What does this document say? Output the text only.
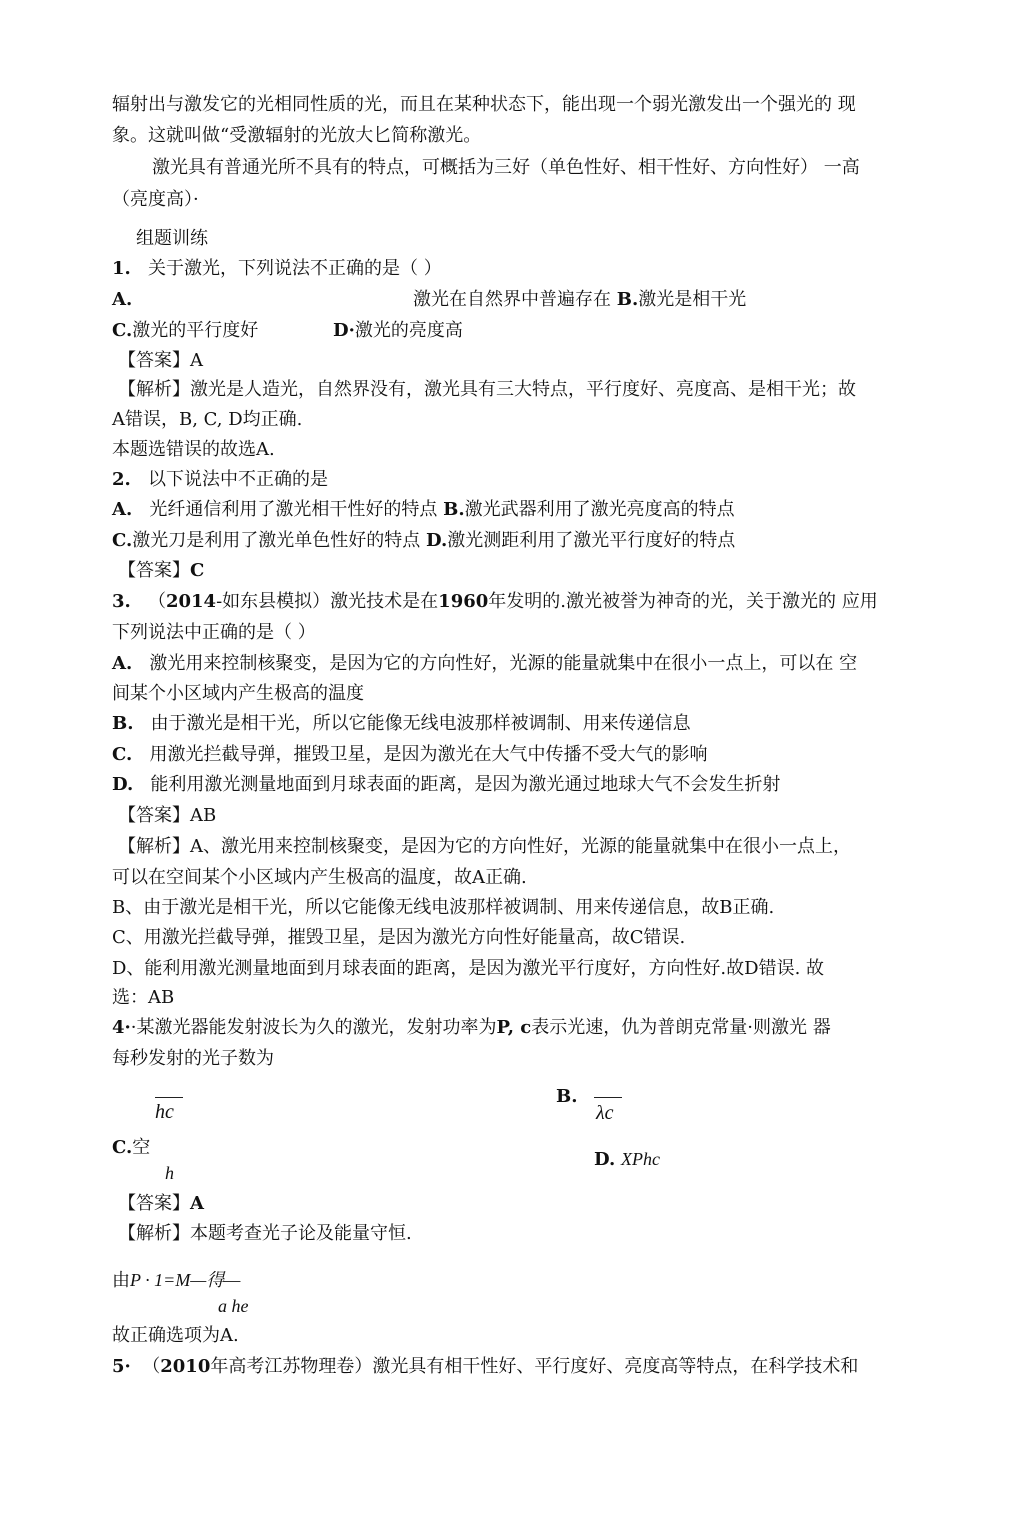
辐射出与激发它的光相同性质的光，而且在某种状态下，能出现一个弱光激发出一个强光的 现
象。这就叫做“受激辐射的光放大匕简称激光。
激光具有普通光所不具有的特点，可概括为三好（单色性好、相干性好、方向性好） 一高
（亮度高）·
组题训练
1. 关于激光，下列说法不正确的是（ ）
A.	激光在自然界中普遍存在 B.激光是相干光
C.激光的平行度好	D·激光的亮度高
【答案】A
【解析】激光是人造光，自然界没有，激光具有三大特点，平行度好、亮度高、是相干光；故
A错误，B, C, D均正确.
本题选错误的故选A.
2. 以下说法中不正确的是
A. 光纤通信利用了激光相干性好的特点 B.激光武器利用了激光亮度高的特点
C.激光刀是利用了激光单色性好的特点 D.激光测距利用了激光平行度好的特点
【答案】C
3. （2014-如东县模拟）激光技术是在1960年发明的.激光被誉为神奇的光，关于激光的 应用
下列说法中正确的是（ ）
A. 激光用来控制核聚变，是因为它的方向性好，光源的能量就集中在很小一点上，可以在 空
间某个小区域内产生极高的温度
B. 由于激光是相干光，所以它能像无线电波那样被调制、用来传递信息
C. 用激光拦截导弹，摧毁卫星，是因为激光在大气中传播不受大气的影响
D. 能利用激光测量地面到月球表面的距离，是因为激光通过地球大气不会发生折射
【答案】AB
【解析】A、激光用来控制核聚变，是因为它的方向性好，光源的能量就集中在很小一点上，
可以在空间某个小区域内产生极高的温度，故A正确.
B、由于激光是相干光，所以它能像无线电波那样被调制、用来传递信息，故B正确.
C、用激光拦截导弹，摧毁卫星，是因为激光方向性好能量高，故C错误.
D、能利用激光测量地面到月球表面的距离，是因为激光平行度好，方向性好.故D错误. 故
选：AB
4··某激光器能发射波长为久的激光，发射功率为P, c表示光速，仇为普朗克常量·则激光 器
每秒发射的光子数为
hc
B.
λc
C.空
h
D. XPhc
【答案】A
【解析】本题考查光子论及能量守恒.
由P · 1=M—得—
a he
故正确选项为A.
5· （2010年高考江苏物理卷）激光具有相干性好、平行度好、亮度高等特点，在科学技术和
